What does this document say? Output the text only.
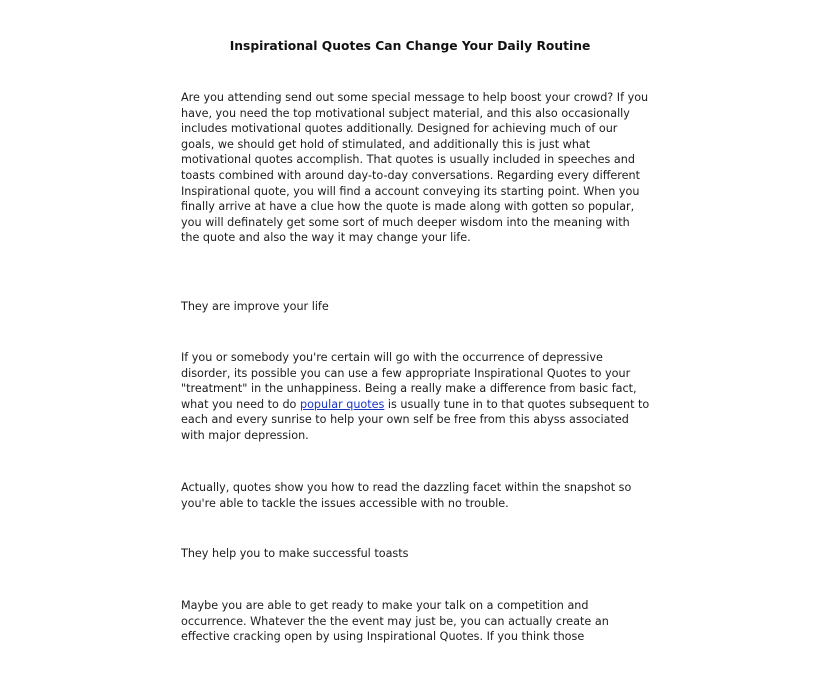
Inspirational Quotes Can Change Your Daily Routine

Are you attending send out some special message to help boost your crowd? If you have, you need the top motivational subject material, and this also occasionally includes motivational quotes additionally. Designed for achieving much of our goals, we should get hold of stimulated, and additionally this is just what motivational quotes accomplish. That quotes is usually included in speeches and toasts combined with around day-to-day conversations. Regarding every different Inspirational quote, you will find a account conveying its starting point. When you finally arrive at have a clue how the quote is made along with gotten so popular, you will definately get some sort of much deeper wisdom into the meaning with the quote and also the way it may change your life.

They are improve your life

If you or somebody you're certain will go with the occurrence of depressive disorder, its possible you can use a few appropriate Inspirational Quotes to your "treatment" in the unhappiness. Being a really make a difference from basic fact, what you need to do popular quotes is usually tune in to that quotes subsequent to each and every sunrise to help your own self be free from this abyss associated with major depression.

Actually, quotes show you how to read the dazzling facet within the snapshot so you're able to tackle the issues accessible with no trouble.

They help you to make successful toasts

Maybe you are able to get ready to make your talk on a competition and occurrence. Whatever the the event may just be, you can actually create an effective cracking open by using Inspirational Quotes. If you think those
